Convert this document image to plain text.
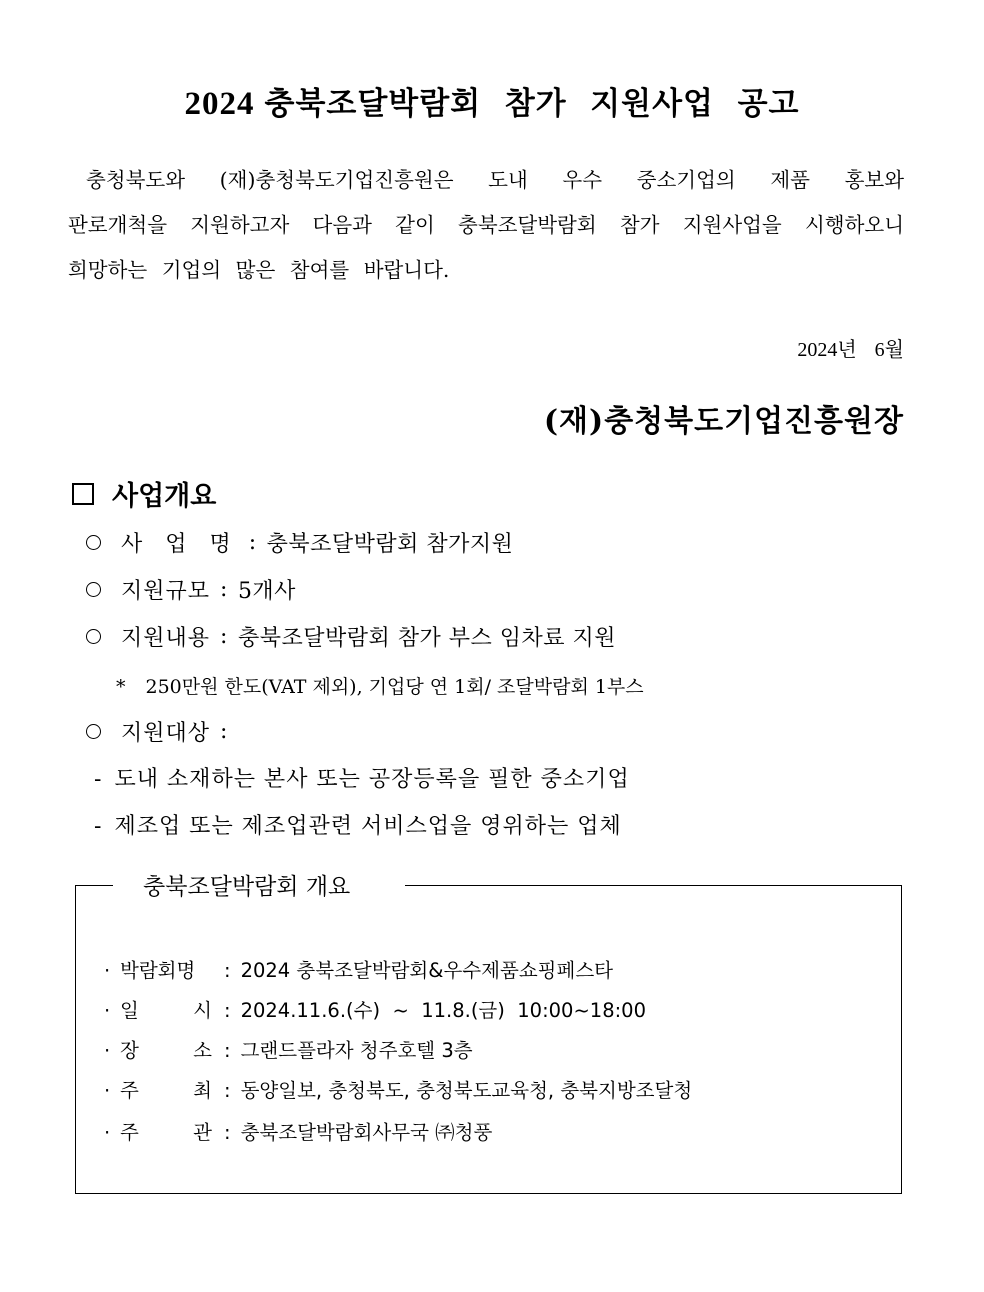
2024 충북조달박람회  참가  지원사업  공고
충청북도와 (재)충청북도기업진흥원은 도내 우수 중소기업의 제품 홍보와
판로개척을 지원하고자 다음과 같이 충북조달박람회 참가 지원사업을 시행하오니
희망하는 기업의 많은 참여를 바랍니다.
2024년 6월
(재)충청북도기업진흥원장
사업개요
사 업 명 : 충북조달박람회 참가지원
지원규모 : 5개사
지원내용 : 충북조달박람회 참가 부스 임차료 지원
* 250만원 한도(VAT 제외), 기업당 연 1회/ 조달박람회 1부스
지원대상 :
- 도내 소재하는 본사 또는 공장등록을 필한 중소기업
- 제조업 또는 제조업관련 서비스업을 영위하는 업체
충북조달박람회 개요
· 박람회명 : 2024 충북조달박람회&우수제품쇼핑페스타
· 일	시 : 2024.11.6.(수)  ~  11.8.(금)  10:00~18:00
· 장	소 : 그랜드플라자 청주호텔 3층
· 주	최 : 동양일보, 충청북도, 충청북도교육청, 충북지방조달청
· 주	관 : 충북조달박람회사무국 ㈜청풍
